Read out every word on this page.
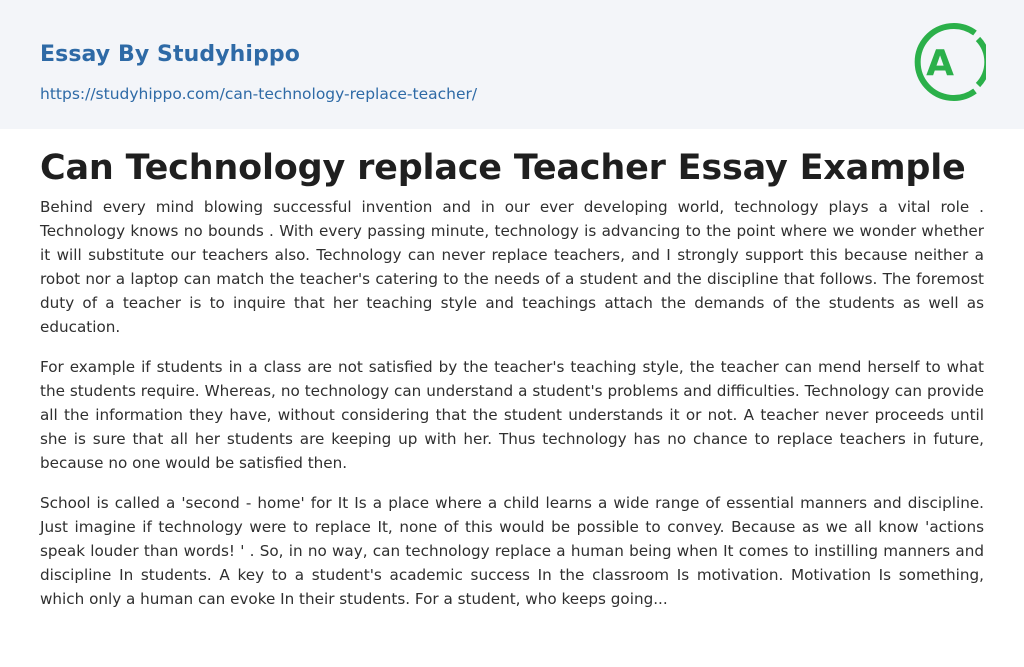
Essay By Studyhippo
https://studyhippo.com/can-technology-replace-teacher/
A
Can Technology replace Teacher Essay Example

Behind every mind blowing successful invention and in our ever developing world, technology plays a vital role . Technology knows no bounds . With every passing minute, technology is advancing to the point where we wonder whether it will substitute our teachers also. Technology can never replace teachers, and I strongly support this because neither a robot nor a laptop can match the teacher's catering to the needs of a student and the discipline that follows. The foremost duty of a teacher is to inquire that her teaching style and teachings attach the demands of the students as well as education.

For example if students in a class are not satisfied by the teacher's teaching style, the teacher can mend herself to what the students require. Whereas, no technology can understand a student's problems and difficulties. Technology can provide all the information they have, without considering that the student understands it or not. A teacher never proceeds until she is sure that all her students are keeping up with her. Thus technology has no chance to replace teachers in future, because no one would be satisfied then.

School is called a 'second - home' for It Is a place where a child learns a wide range of essential manners and discipline. Just imagine if technology were to replace It, none of this would be possible to convey. Because as we all know 'actions speak louder than words! ' . So, in no way, can technology replace a human being when It comes to instilling manners and discipline In students. A key to a student's academic success In the classroom Is motivation. Motivation Is something, which only a human can evoke In their students. For a student, who keeps going...
